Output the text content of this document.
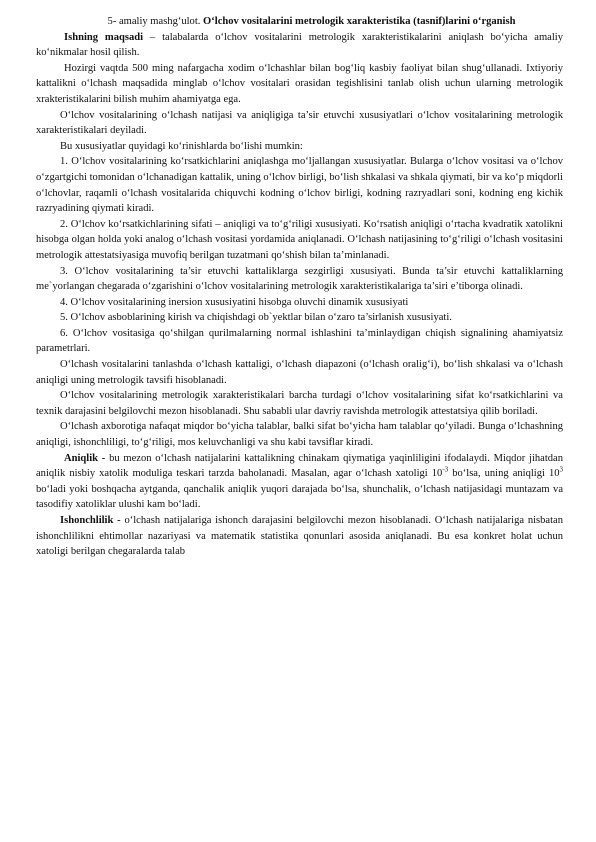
5- amaliy mashg‘ulot. O‘lchov vositalarini metrologik xarakteristika (tasnif)larini o‘rganish

Ishning maqsadi – talabalarda o‘lchov vositalarini metrologik xarakteristikalarini aniqlash bo‘yicha amaliy ko‘nikmalar hosil qilish.

Hozirgi vaqtda 500 ming nafargacha xodim o‘lchashlar bilan bog‘liq kasbiy faoliyat bilan shug‘ullanadi. Ixtiyoriy kattalikni o‘lchash maqsadida minglab o‘lchov vositalari orasidan tegishlisini tanlab olish uchun ularning metrologik xrakteristikalarini bilish muhim ahamiyatga ega.

O‘lchov vositalarining o‘lchash natijasi va aniqligiga ta’sir etuvchi xususiyatlari o‘lchov vositalarining metrologik xarakteristikalari deyiladi.

Bu xususiyatlar quyidagi ko‘rinishlarda bo‘lishi mumkin:

1. O‘lchov vositalarining ko‘rsatkichlarini aniqlashga mo‘ljallangan xususiyatlar. Bularga o‘lchov vositasi va o‘lchov o‘zgartgichi tomonidan o‘lchanadigan kattalik, uning o‘lchov birligi, bo‘lish shkalasi va shkala qiymati, bir va ko‘p miqdorli o‘lchovlar, raqamli o‘lchash vositalarida chiquvchi kodning o‘lchov birligi, kodning razryadlari soni, kodning eng kichik razryadining qiymati kiradi.

2. O‘lchov ko‘rsatkichlarining sifati – aniqligi va to‘g‘riligi xususiyati. Ko‘rsatish aniqligi o‘rtacha kvadratik xatolikni hisobga olgan holda yoki analog o‘lchash vositasi yordamida aniqlanadi. O‘lchash natijasining to‘g‘riligi o‘lchash vositasini metrologik attestatsiyasiga muvofiq berilgan tuzatmani qo‘shish bilan ta’minlanadi.

3. O‘lchov vositalarining ta’sir etuvchi kattaliklarga sezgirligi xususiyati. Bunda ta’sir etuvchi kattaliklarning me`yorlangan chegarada o‘zgarishini o‘lchov vositalarining metrologik xarakteristikalariga ta’siri e’tiborga olinadi.

4. O‘lchov vositalarining inersion xususiyatini hisobga oluvchi dinamik xususiyati

5. O‘lchov asboblarining kirish va chiqishdagi ob`yektlar bilan o‘zaro ta’sirlanish xususiyati.

6. O‘lchov vositasiga qo‘shilgan qurilmalarning normal ishlashini ta’minlaydigan chiqish signalining ahamiyatsiz parametrlari.

O‘lchash vositalarini tanlashda o‘lchash kattaligi, o‘lchash diapazoni (o‘lchash oralig‘i), bo‘lish shkalasi va o‘lchash aniqligi uning metrologik tavsifi hisoblanadi.

O‘lchov vositalarining metrologik xarakteristikalari barcha turdagi o‘lchov vositalarining sifat ko‘rsatkichlarini va texnik darajasini belgilovchi mezon hisoblanadi. Shu sababli ular davriy ravishda metrologik attestatsiya qilib boriladi.

O‘lchash axborotiga nafaqat miqdor bo‘yicha talablar, balki sifat bo‘yicha ham talablar qo‘yiladi. Bunga o‘lchashning aniqligi, ishonchliligi, to‘g‘riligi, mos keluvchanligi va shu kabi tavsiflar kiradi.

Aniqlik - bu mezon o‘lchash natijalarini kattalikning chinakam qiymatiga yaqinliligini ifodalaydi. Miqdor jihatdan aniqlik nisbiy xatolik moduliga teskari tarzda baholanadi. Masalan, agar o‘lchash xatoligi $10^{-3}$ bo‘lsa, uning aniqligi $10^3$ bo‘ladi yoki boshqacha aytganda, qanchalik aniqlik yuqori darajada bo‘lsa, shunchalik, o‘lchash natijasidagi muntazam va tasodifiy xatoliklar ulushi kam bo‘ladi.

Ishonchlilik - o‘lchash natijalariga ishonch darajasini belgilovchi mezon hisoblanadi. O‘lchash natijalariga nisbatan ishonchlilikni ehtimollar nazariyasi va matematik statistika qonunlari asosida aniqlanadi. Bu esa konkret holat uchun xatoligi berilgan chegaralarda talab
